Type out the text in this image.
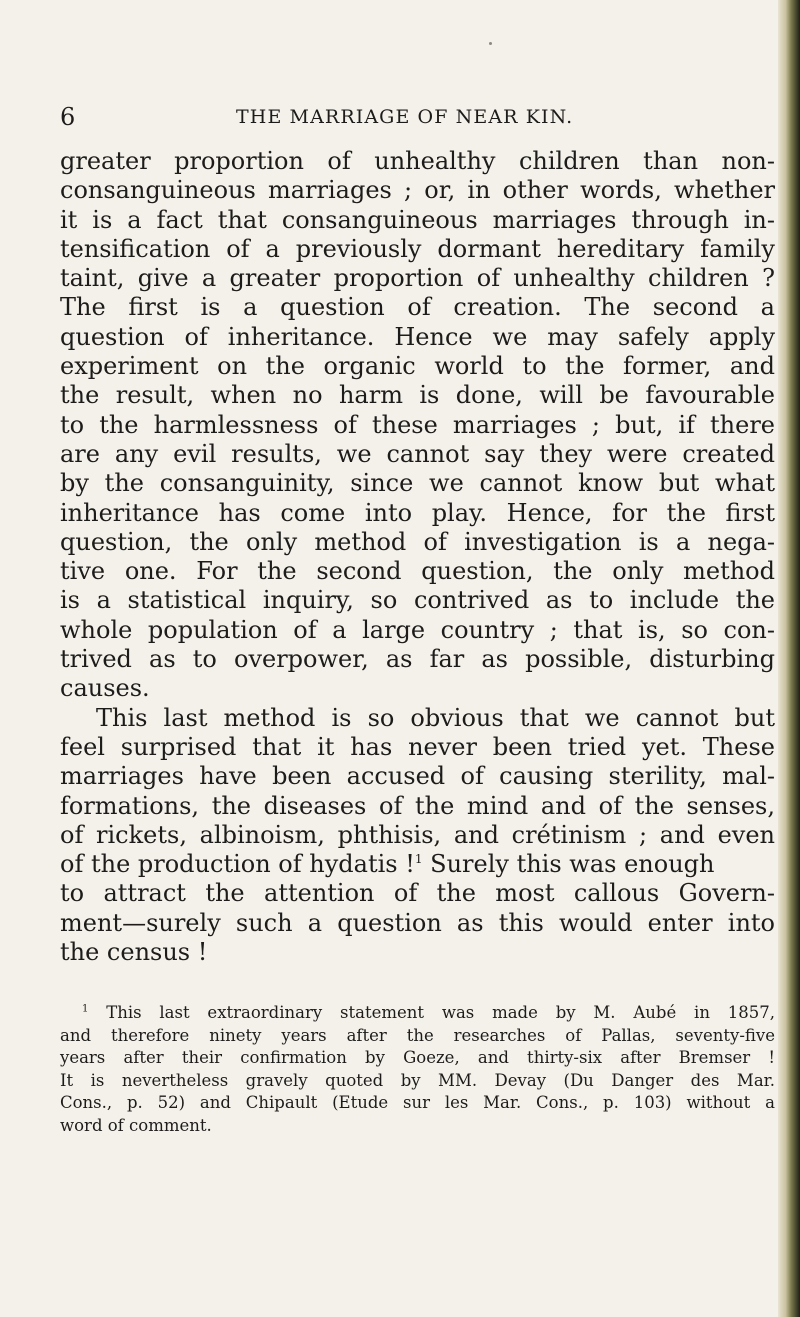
6	THE MARRIAGE OF NEAR KIN.
greater proportion of unhealthy children than non-
consanguineous marriages ; or, in other words, whether
it is a fact that consanguineous marriages through in-
tensification of a previously dormant hereditary family
taint, give a greater proportion of unhealthy children ?
The first is a question of creation. The second a
question of inheritance. Hence we may safely apply
experiment on the organic world to the former, and
the result, when no harm is done, will be favourable
to the harmlessness of these marriages ; but, if there
are any evil results, we cannot say they were created
by the consanguinity, since we cannot know but what
inheritance has come into play. Hence, for the first
question, the only method of investigation is a nega-
tive one. For the second question, the only method
is a statistical inquiry, so contrived as to include the
whole population of a large country ; that is, so con-
trived as to overpower, as far as possible, disturbing
causes.
This last method is so obvious that we cannot but
feel surprised that it has never been tried yet. These
marriages have been accused of causing sterility, mal-
formations, the diseases of the mind and of the senses,
of rickets, albinoism, phthisis, and crétinism ; and even
of the production of hydatis !$^1$ Surely this was enough
to attract the attention of the most callous Govern-
ment—surely such a question as this would enter into
the census !
$^1$ This last extraordinary statement was made by M. Aubé in 1857,
and therefore ninety years after the researches of Pallas, seventy-five
years after their confirmation by Goeze, and thirty-six after Bremser !
It is nevertheless gravely quoted by MM. Devay (Du Danger des Mar.
Cons., p. 52) and Chipault (Etude sur les Mar. Cons., p. 103) without a
word of comment.
